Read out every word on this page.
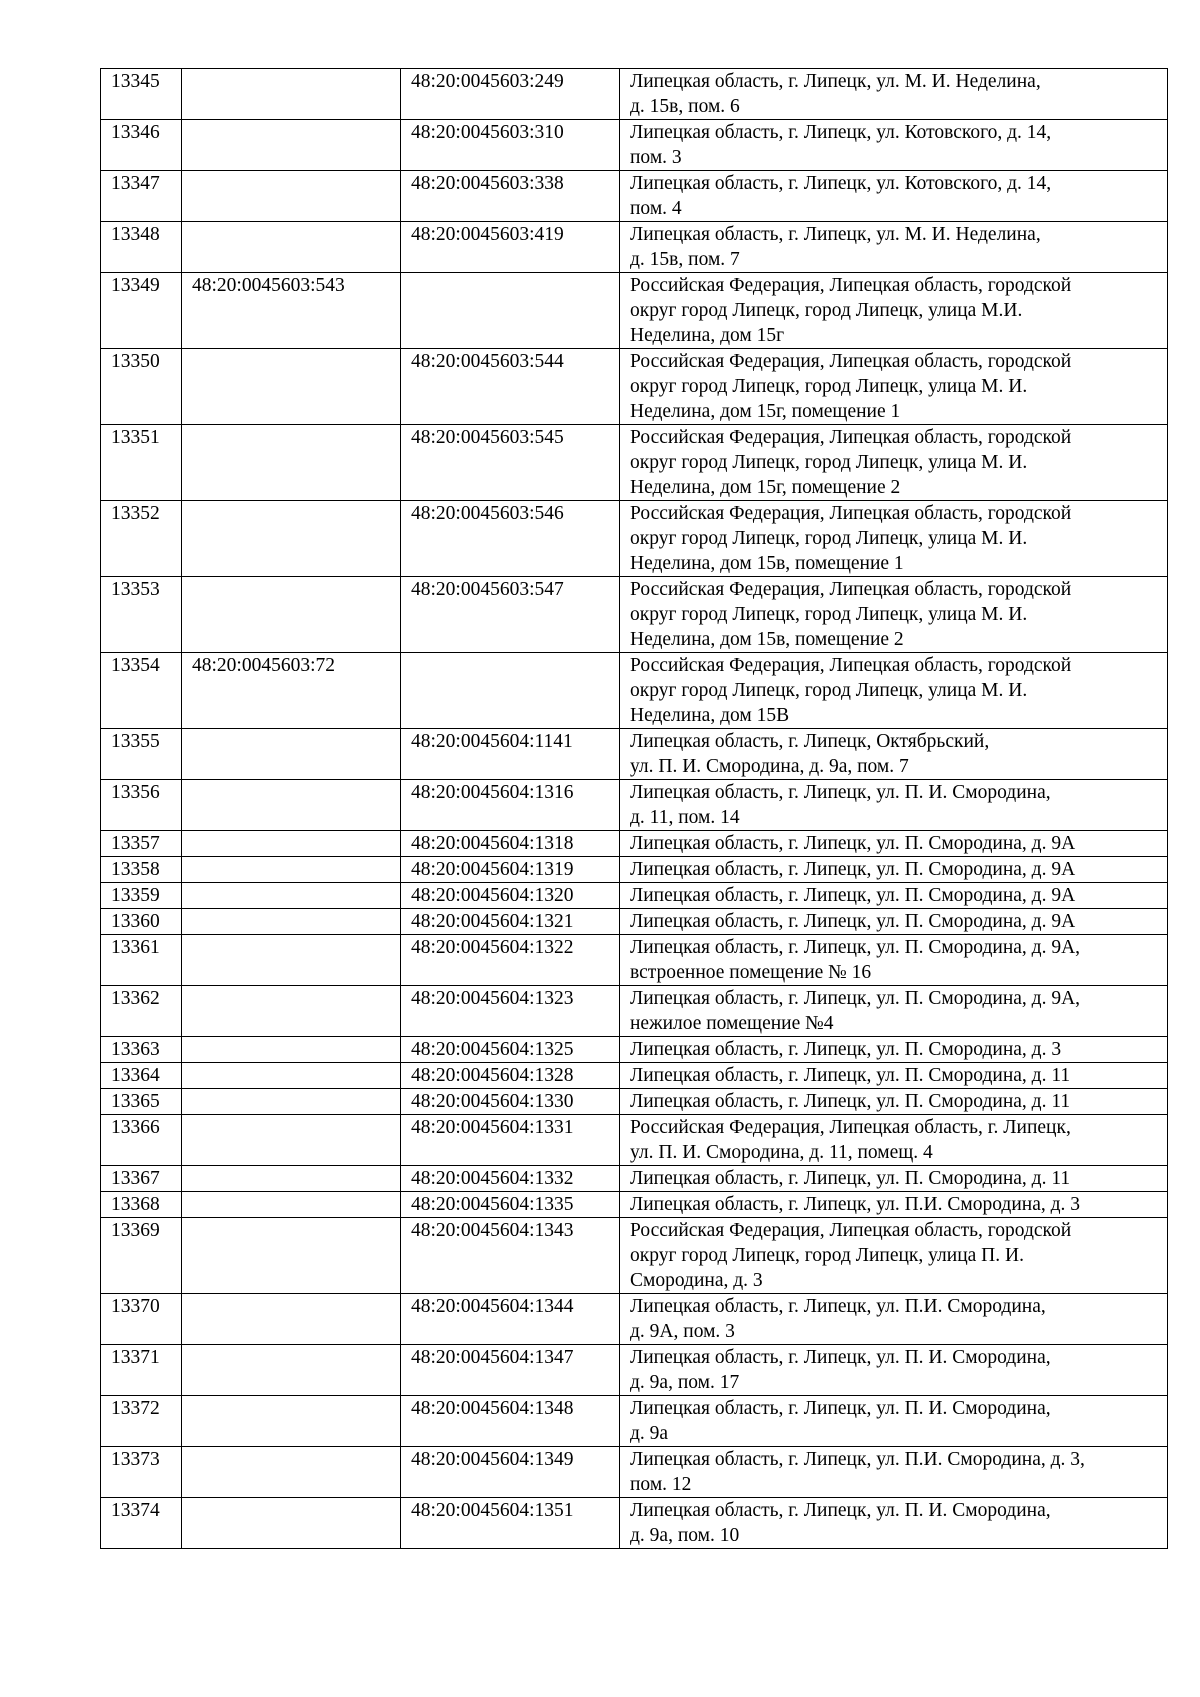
13345		48:20:0045603:249	Липецкая область, г. Липецк, ул. М. И. Неделина,
д. 15в, пом. 6
13346		48:20:0045603:310	Липецкая область, г. Липецк, ул. Котовского, д. 14,
пом. 3
13347		48:20:0045603:338	Липецкая область, г. Липецк, ул. Котовского, д. 14,
пом. 4
13348		48:20:0045603:419	Липецкая область, г. Липецк, ул. М. И. Неделина,
д. 15в, пом. 7
13349	48:20:0045603:543		Российская Федерация, Липецкая область, городской
округ город Липецк, город Липецк, улица М.И.
Неделина, дом 15г
13350		48:20:0045603:544	Российская Федерация, Липецкая область, городской
округ город Липецк, город Липецк, улица М. И.
Неделина, дом 15г, помещение 1
13351		48:20:0045603:545	Российская Федерация, Липецкая область, городской
округ город Липецк, город Липецк, улица М. И.
Неделина, дом 15г, помещение 2
13352		48:20:0045603:546	Российская Федерация, Липецкая область, городской
округ город Липецк, город Липецк, улица М. И.
Неделина, дом 15в, помещение 1
13353		48:20:0045603:547	Российская Федерация, Липецкая область, городской
округ город Липецк, город Липецк, улица М. И.
Неделина, дом 15в, помещение 2
13354	48:20:0045603:72		Российская Федерация, Липецкая область, городской
округ город Липецк, город Липецк, улица М. И.
Неделина, дом 15В
13355		48:20:0045604:1141	Липецкая область, г. Липецк, Октябрьский,
ул. П. И. Смородина, д. 9а, пом. 7
13356		48:20:0045604:1316	Липецкая область, г. Липецк, ул. П. И. Смородина,
д. 11, пом. 14
13357		48:20:0045604:1318	Липецкая область, г. Липецк, ул. П. Смородина, д. 9А
13358		48:20:0045604:1319	Липецкая область, г. Липецк, ул. П. Смородина, д. 9А
13359		48:20:0045604:1320	Липецкая область, г. Липецк, ул. П. Смородина, д. 9А
13360		48:20:0045604:1321	Липецкая область, г. Липецк, ул. П. Смородина, д. 9А
13361		48:20:0045604:1322	Липецкая область, г. Липецк, ул. П. Смородина, д. 9А,
встроенное помещение № 16
13362		48:20:0045604:1323	Липецкая область, г. Липецк, ул. П. Смородина, д. 9А,
нежилое помещение №4
13363		48:20:0045604:1325	Липецкая область, г. Липецк, ул. П. Смородина, д. 3
13364		48:20:0045604:1328	Липецкая область, г. Липецк, ул. П. Смородина, д. 11
13365		48:20:0045604:1330	Липецкая область, г. Липецк, ул. П. Смородина, д. 11
13366		48:20:0045604:1331	Российская Федерация, Липецкая область, г. Липецк,
ул. П. И. Смородина, д. 11, помещ. 4
13367		48:20:0045604:1332	Липецкая область, г. Липецк, ул. П. Смородина, д. 11
13368		48:20:0045604:1335	Липецкая область, г. Липецк, ул. П.И. Смородина, д. 3
13369		48:20:0045604:1343	Российская Федерация, Липецкая область, городской
округ город Липецк, город Липецк, улица П. И.
Смородина, д. 3
13370		48:20:0045604:1344	Липецкая область, г. Липецк, ул. П.И. Смородина,
д. 9А, пом. 3
13371		48:20:0045604:1347	Липецкая область, г. Липецк, ул. П. И. Смородина,
д. 9а, пом. 17
13372		48:20:0045604:1348	Липецкая область, г. Липецк, ул. П. И. Смородина,
д. 9а
13373		48:20:0045604:1349	Липецкая область, г. Липецк, ул. П.И. Смородина, д. 3,
пом. 12
13374		48:20:0045604:1351	Липецкая область, г. Липецк, ул. П. И. Смородина,
д. 9а, пом. 10
